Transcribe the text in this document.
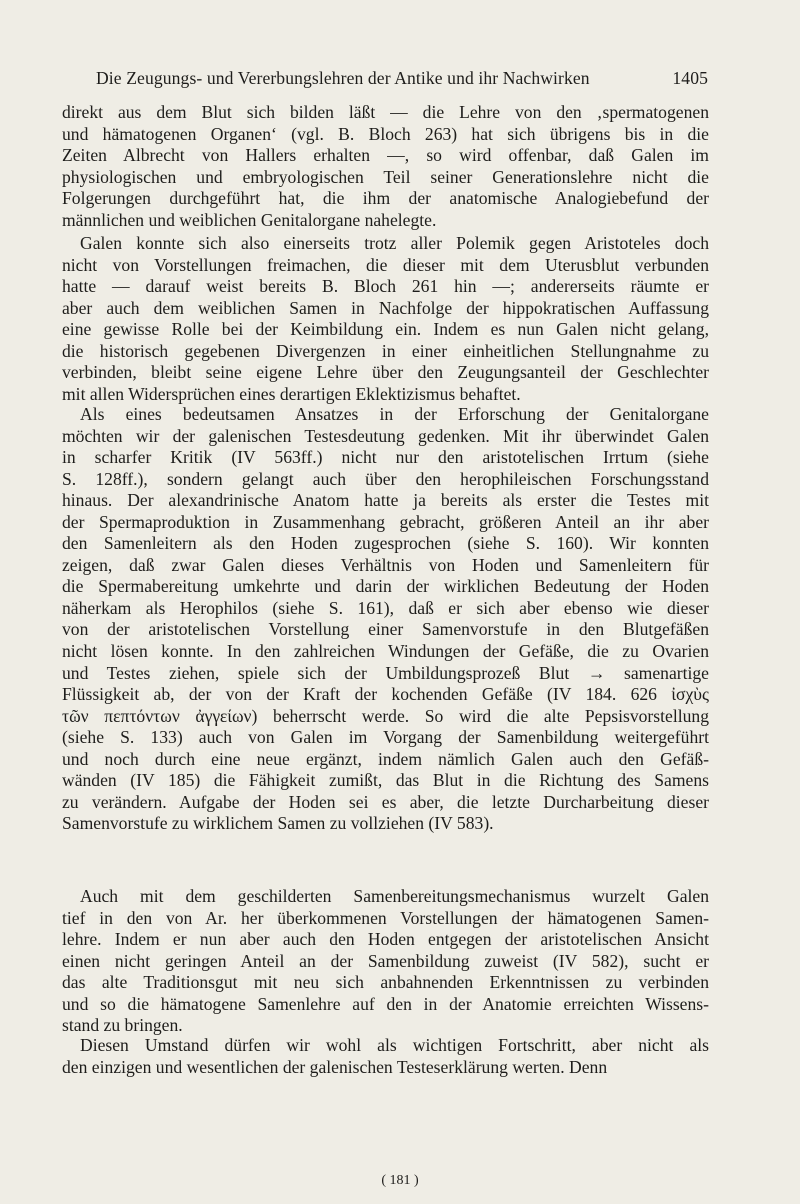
Die Zeugungs- und Vererbungslehren der Antike und ihr Nachwirken	1405
direkt aus dem Blut sich bilden läßt — die Lehre von den ‚spermatogenen
und hämatogenen Organen‘ (vgl. B. Bloch 263) hat sich übrigens bis in die
Zeiten Albrecht von Hallers erhalten —, so wird offenbar, daß Galen im
physiologischen und embryologischen Teil seiner Generationslehre nicht die
Folgerungen durchgeführt hat, die ihm der anatomische Analogiebefund der
männlichen und weiblichen Genitalorgane nahelegte.
Galen konnte sich also einerseits trotz aller Polemik gegen Aristoteles doch
nicht von Vorstellungen freimachen, die dieser mit dem Uterusblut verbunden
hatte — darauf weist bereits B. Bloch 261 hin —; andererseits räumte er
aber auch dem weiblichen Samen in Nachfolge der hippokratischen Auffassung
eine gewisse Rolle bei der Keimbildung ein. Indem es nun Galen nicht gelang,
die historisch gegebenen Divergenzen in einer einheitlichen Stellungnahme zu
verbinden, bleibt seine eigene Lehre über den Zeugungsanteil der Geschlechter
mit allen Widersprüchen eines derartigen Eklektizismus behaftet.
Als eines bedeutsamen Ansatzes in der Erforschung der Genitalorgane
möchten wir der galenischen Testesdeutung gedenken. Mit ihr überwindet Galen
in scharfer Kritik (IV 563ff.) nicht nur den aristotelischen Irrtum (siehe
S. 128ff.), sondern gelangt auch über den herophileischen Forschungsstand
hinaus. Der alexandrinische Anatom hatte ja bereits als erster die Testes mit
der Spermaproduktion in Zusammenhang gebracht, größeren Anteil an ihr aber
den Samenleitern als den Hoden zugesprochen (siehe S. 160). Wir konnten
zeigen, daß zwar Galen dieses Verhältnis von Hoden und Samenleitern für
die Spermabereitung umkehrte und darin der wirklichen Bedeutung der Hoden
näherkam als Herophilos (siehe S. 161), daß er sich aber ebenso wie dieser
von der aristotelischen Vorstellung einer Samenvorstufe in den Blutgefäßen
nicht lösen konnte. In den zahlreichen Windungen der Gefäße, die zu Ovarien
und Testes ziehen, spiele sich der Umbildungsprozeß Blut → samenartige
Flüssigkeit ab, der von der Kraft der kochenden Gefäße (IV 184. 626 ἰσχὺς
τῶν πεπτόντων ἀγγείων) beherrscht werde. So wird die alte Pepsisvorstellung
(siehe S. 133) auch von Galen im Vorgang der Samenbildung weitergeführt
und noch durch eine neue ergänzt, indem nämlich Galen auch den Gefäß-
wänden (IV 185) die Fähigkeit zumißt, das Blut in die Richtung des Samens
zu verändern. Aufgabe der Hoden sei es aber, die letzte Durcharbeitung dieser
Samenvorstufe zu wirklichem Samen zu vollziehen (IV 583).
Auch mit dem geschilderten Samenbereitungsmechanismus wurzelt Galen
tief in den von Ar. her überkommenen Vorstellungen der hämatogenen Samen-
lehre. Indem er nun aber auch den Hoden entgegen der aristotelischen Ansicht
einen nicht geringen Anteil an der Samenbildung zuweist (IV 582), sucht er
das alte Traditionsgut mit neu sich anbahnenden Erkenntnissen zu verbinden
und so die hämatogene Samenlehre auf den in der Anatomie erreichten Wissens-
stand zu bringen.
Diesen Umstand dürfen wir wohl als wichtigen Fortschritt, aber nicht als
den einzigen und wesentlichen der galenischen Testeserklärung werten. Denn
( 181 )
